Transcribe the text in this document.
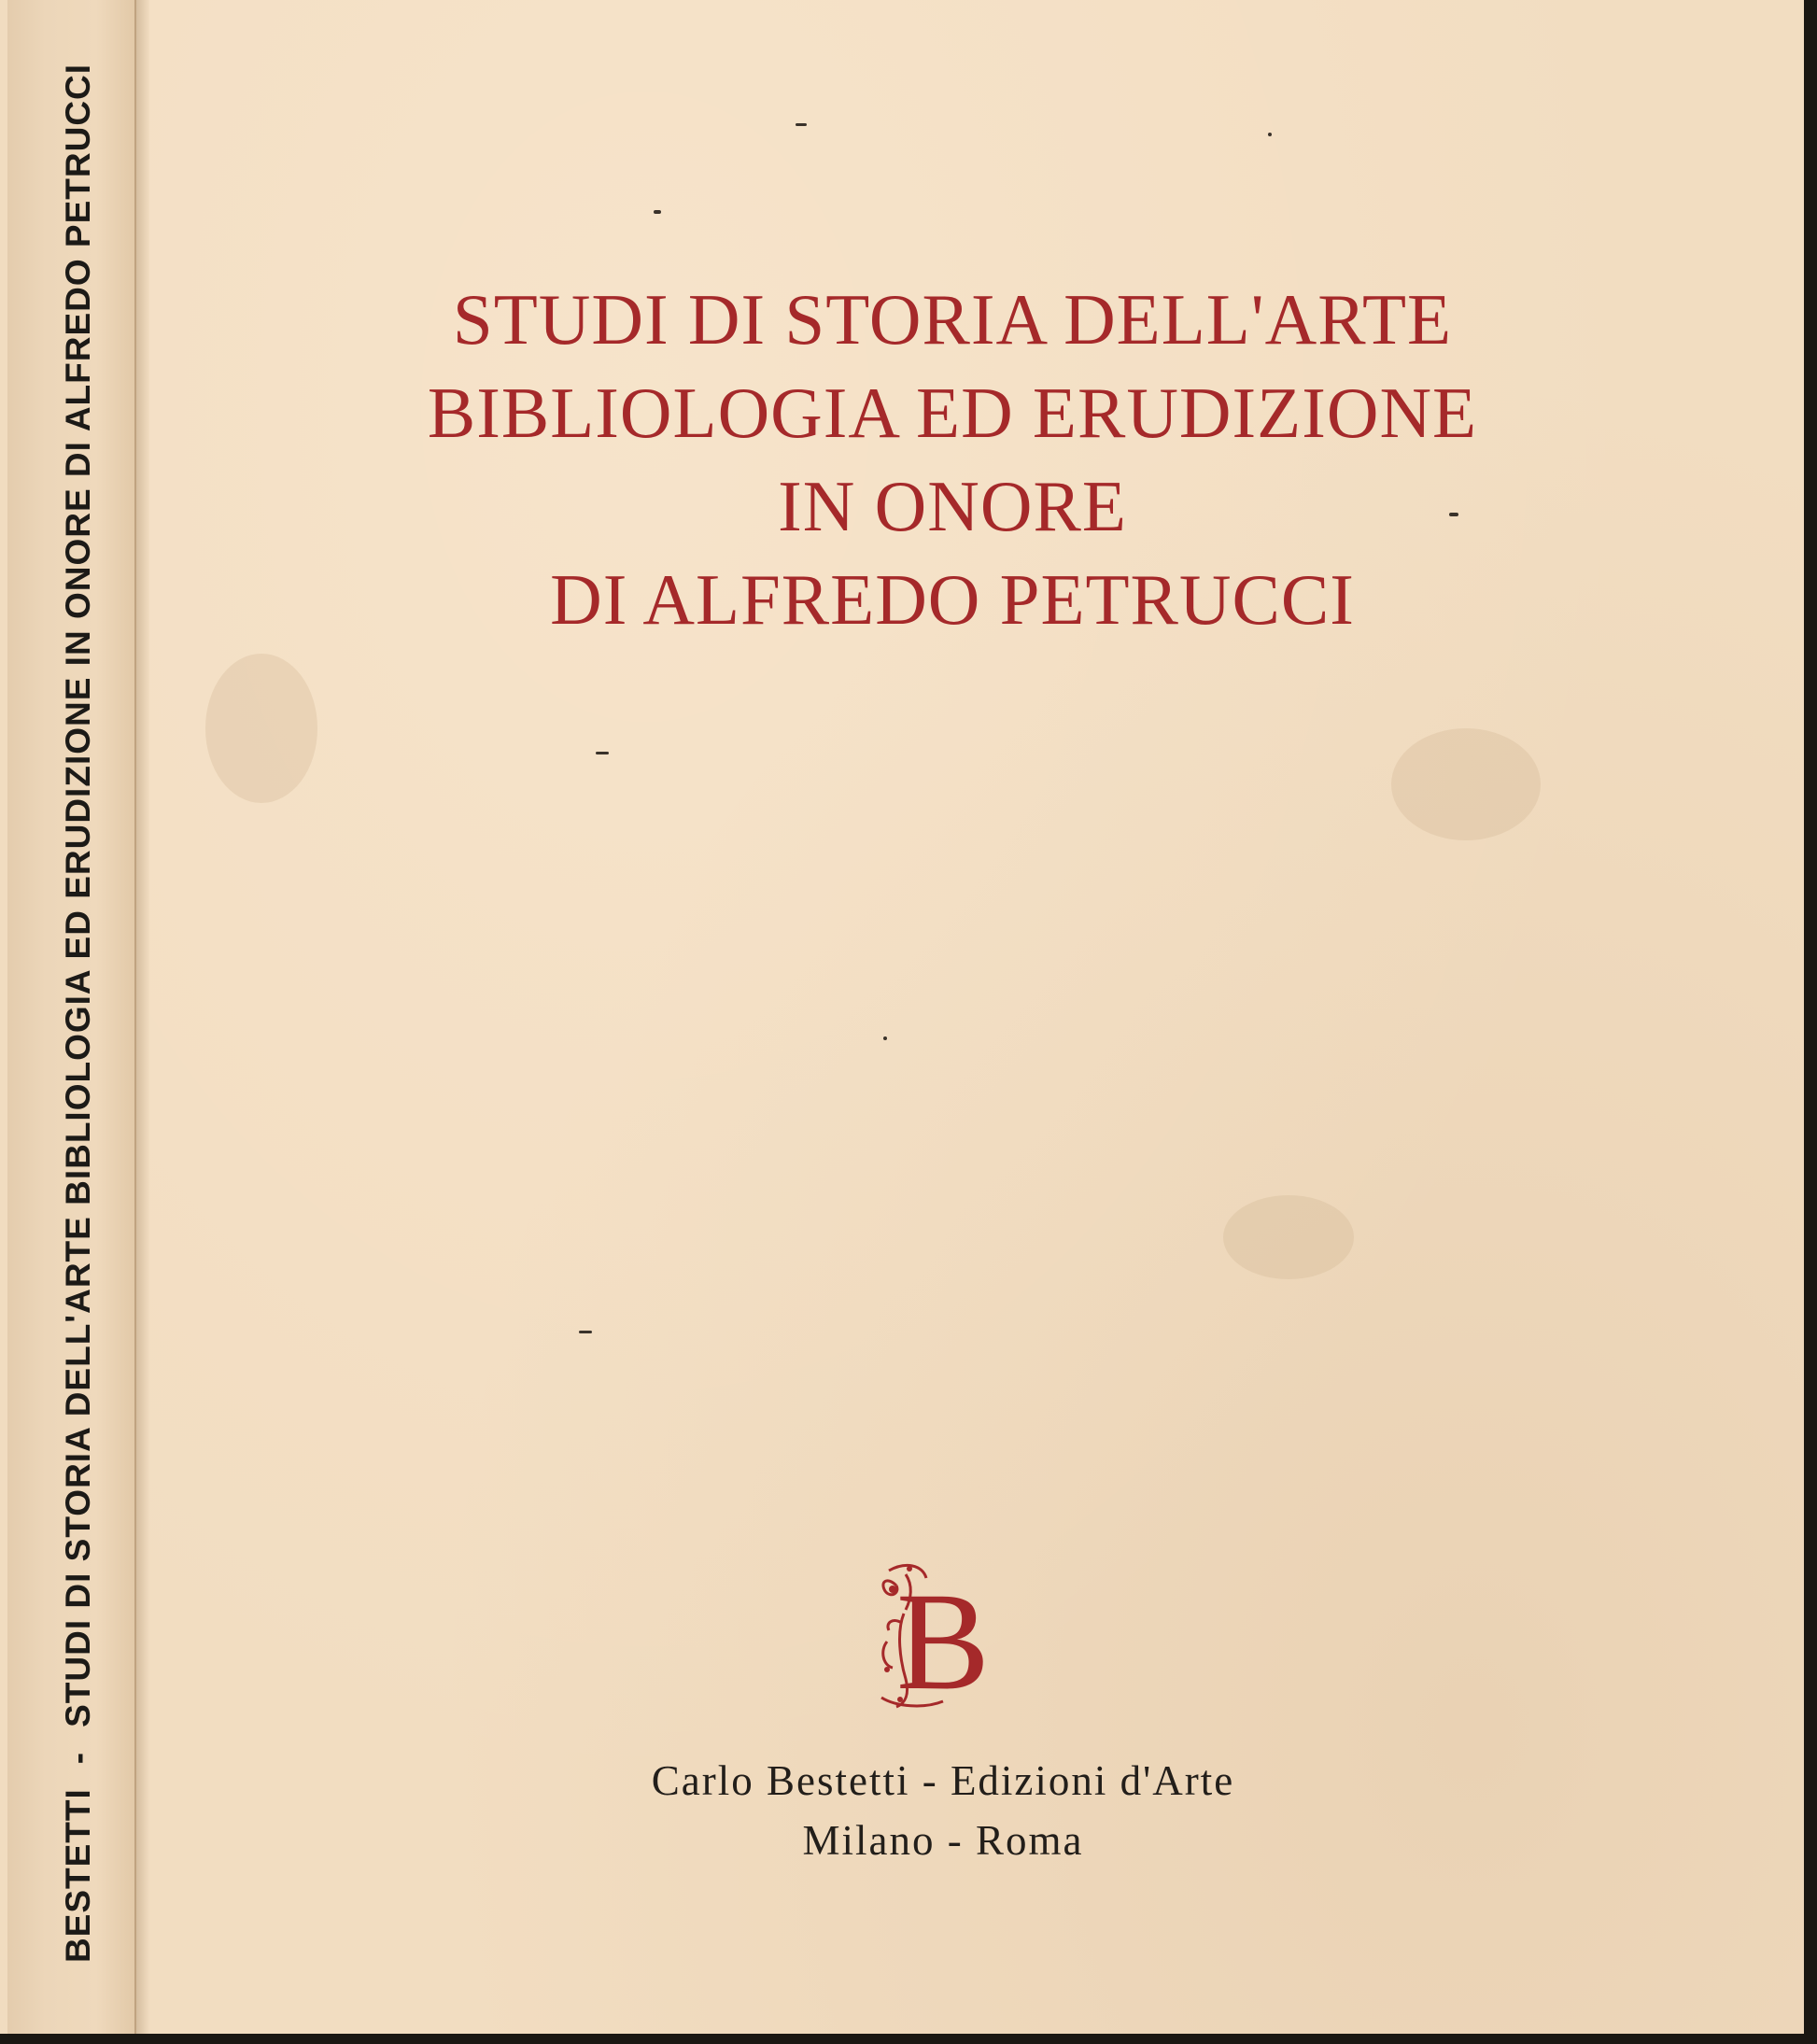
BESTETTI-STUDI DI STORIA DELL'ARTE BIBLIOLOGIA ED ERUDIZIONE IN ONORE DI ALFREDO PETRUCCI	STUDI DI STORIA DELL'ARTE
BIBLIOLOGIA ED ERUDIZIONE
IN ONORE
DI ALFREDO PETRUCCI
B
Carlo Bestetti - Edizioni d'Arte
Milano - Roma
